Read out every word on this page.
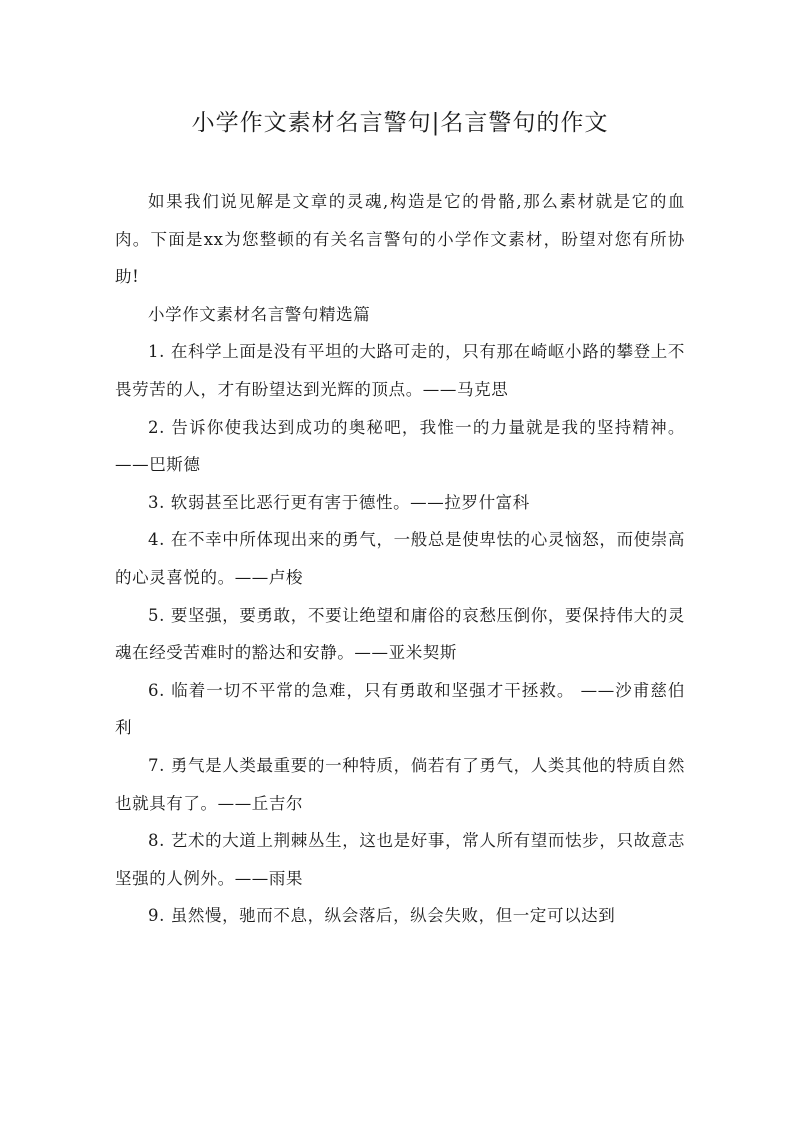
小学作文素材名言警句|名言警句的作文

如果我们说见解是文章的灵魂,构造是它的骨骼,那么素材就是它的血肉。下面是xx为您整顿的有关名言警句的小学作文素材，盼望对您有所协助!

小学作文素材名言警句精选篇

1. 在科学上面是没有平坦的大路可走的，只有那在崎岖小路的攀登上不畏劳苦的人，才有盼望达到光辉的顶点。——马克思

2. 告诉你使我达到成功的奥秘吧，我惟一的力量就是我的坚持精神。——巴斯德

3. 软弱甚至比恶行更有害于德性。——拉罗什富科

4. 在不幸中所体现出来的勇气，一般总是使卑怯的心灵恼怒，而使崇高的心灵喜悦的。——卢梭

5. 要坚强，要勇敢，不要让绝望和庸俗的哀愁压倒你，要保持伟大的灵魂在经受苦难时的豁达和安静。——亚米契斯

6. 临着一切不平常的急难，只有勇敢和坚强才干拯救。 ——沙甫慈伯利

7. 勇气是人类最重要的一种特质，倘若有了勇气，人类其他的特质自然也就具有了。——丘吉尔

8. 艺术的大道上荆棘丛生，这也是好事，常人所有望而怯步，只故意志坚强的人例外。——雨果

9. 虽然慢，驰而不息，纵会落后，纵会失败，但一定可以达到
